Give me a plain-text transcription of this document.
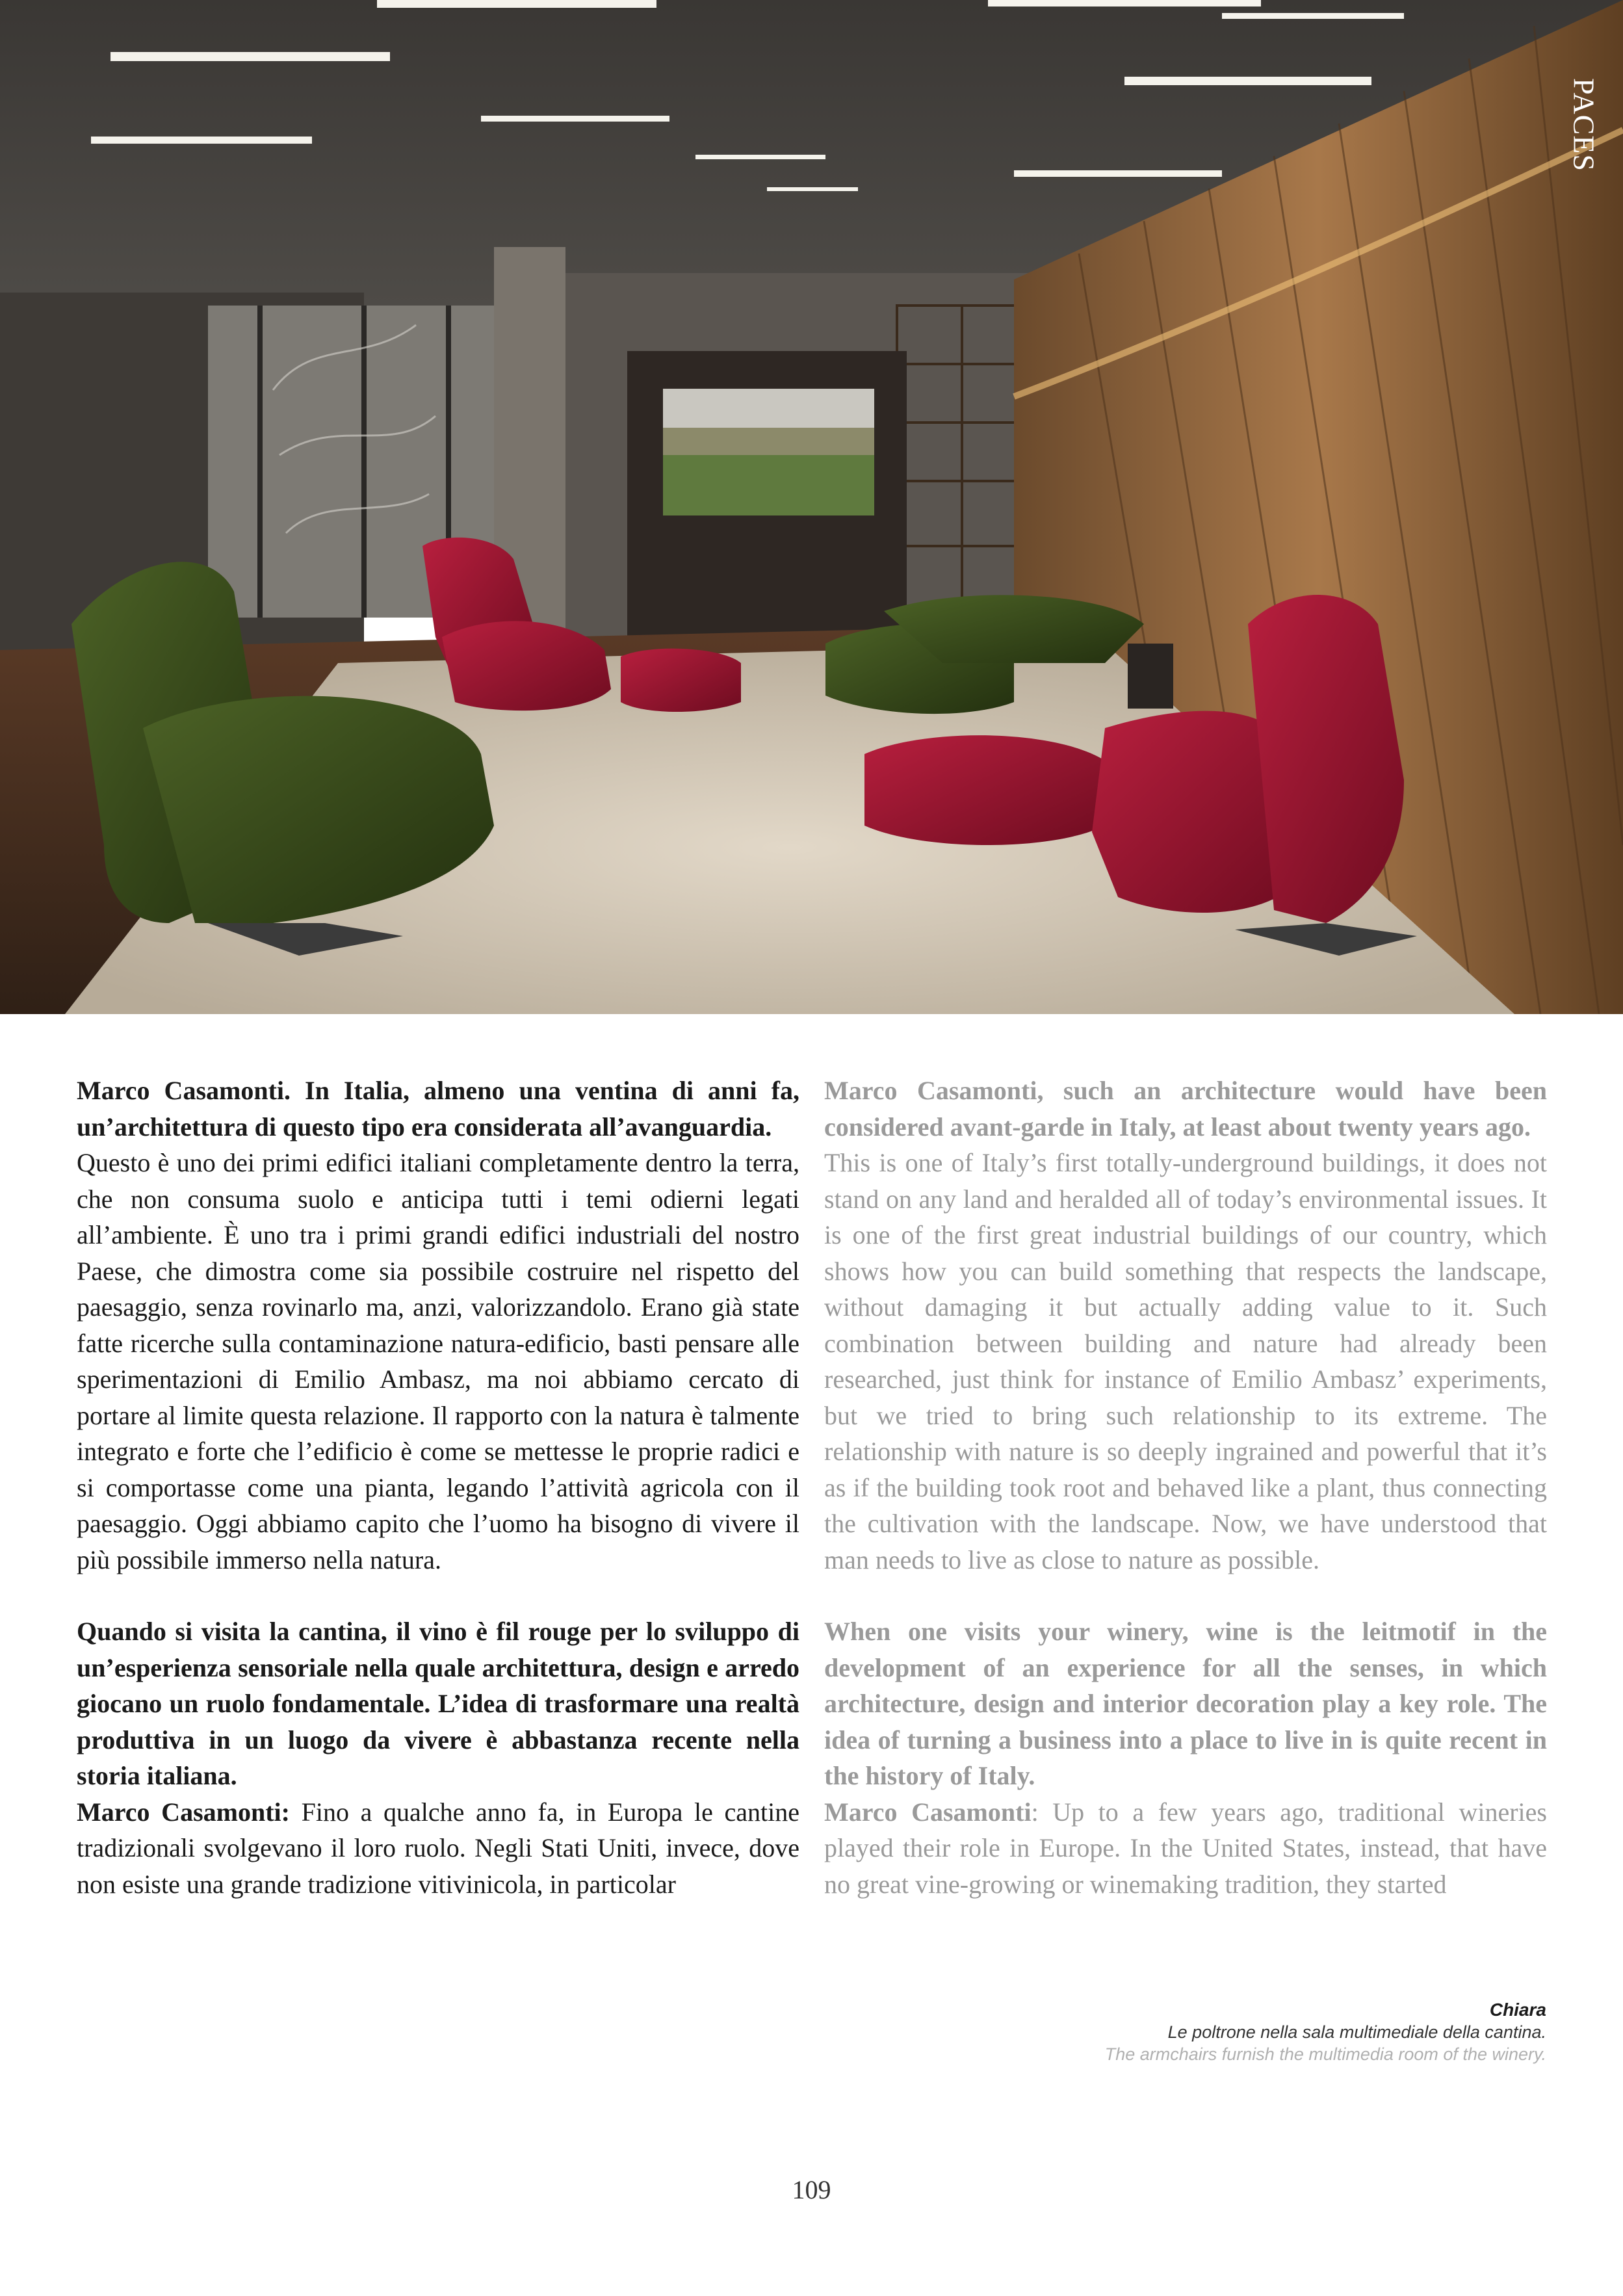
PACES

Marco Casamonti. In Italia, almeno una ventina di anni fa, un’architettura di questo tipo era considerata all’avanguardia.

Questo è uno dei primi edifici italiani completamente dentro la terra, che non consuma suolo e anticipa tutti i temi odierni legati all’ambiente. È uno tra i primi grandi edifici industriali del nostro Paese, che dimostra come sia possibile costruire nel rispetto del paesaggio, senza rovinarlo ma, anzi, valorizzandolo. Erano già state fatte ricerche sulla contaminazione natura-edificio, basti pensare alle sperimentazioni di Emilio Ambasz, ma noi abbiamo cercato di portare al limite questa relazione. Il rapporto con la natura è talmente integrato e forte che l’edificio è come se mettesse le proprie radici e si comportasse come una pianta, legando l’attività agricola con il paesaggio. Oggi abbiamo capito che l’uomo ha bisogno di vivere il più possibile immerso nella natura.

Quando si visita la cantina, il vino è fil rouge per lo sviluppo di un’esperienza sensoriale nella quale architettura, design e arredo giocano un ruolo fondamentale. L’idea di trasformare una realtà produttiva in un luogo da vivere è abbastanza recente nella storia italiana.

Marco Casamonti: Fino a qualche anno fa, in Europa le cantine tradizionali svolgevano il loro ruolo. Negli Stati Uniti, invece, dove non esiste una grande tradizione vitivinicola, in particolar

Marco Casamonti, such an architecture would have been considered avant-garde in Italy, at least about twenty years ago.

This is one of Italy’s first totally-underground buildings, it does not stand on any land and heralded all of today’s environmental issues. It is one of the first great industrial buildings of our country, which shows how you can build something that respects the landscape, without damaging it but actually adding value to it. Such combination between building and nature had already been researched, just think for instance of Emilio Ambasz’ experiments, but we tried to bring such relationship to its extreme. The relationship with nature is so deeply ingrained and powerful that it’s as if the building took root and behaved like a plant, thus connecting the cultivation with the landscape. Now, we have understood that man needs to live as close to nature as possible.

When one visits your winery, wine is the leitmotif in the development of an experience for all the senses, in which architecture, design and interior decoration play a key role. The idea of turning a business into a place to live in is quite recent in the history of Italy.

Marco Casamonti: Up to a few years ago, traditional wineries played their role in Europe. In the United States, instead, that have no great vine-growing or winemaking tradition, they started

Chiara
Le poltrone nella sala multimediale della cantina.
The armchairs furnish the multimedia room of the winery.
109
